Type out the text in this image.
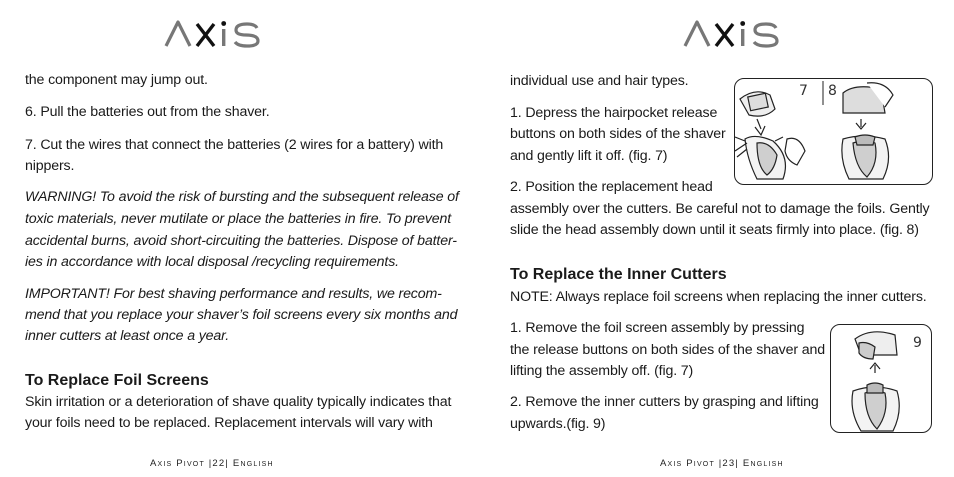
the component may jump out.
6. Pull the batteries out from the shaver.
7. Cut the wires that connect the batteries (2 wires for a battery) with
nippers.
WARNING! To avoid the risk of bursting and the subsequent release of
toxic materials, never mutilate or place the batteries in fire. To prevent
accidental burns, avoid short-circuiting the batteries. Dispose of batter-
ies in accordance with local disposal /recycling requirements.
IMPORTANT! For best shaving performance and results, we recom-
mend that you replace your shaver’s foil screens every six months and
inner cutters at least once a year.
To Replace Foil Screens
Skin irritation or a deterioration of shave quality typically indicates that
your foils need to be replaced. Replacement intervals will vary with
Axis Pivot |22| English
individual use and hair types.
1. Depress the hairpocket release
buttons on both sides of the shaver
and gently lift it off. (fig. 7)
2. Position the replacement head
assembly over the cutters. Be careful not to damage the foils. Gently
slide the head assembly down until it seats firmly into place. (fig. 8)
To Replace the Inner Cutters
NOTE: Always replace foil screens when replacing the inner cutters.
1. Remove the foil screen assembly by pressing
the release buttons on both sides of the shaver and
lifting the assembly off. (fig. 7)
2. Remove the inner cutters by grasping and lifting
upwards.(fig. 9)
7 8
9
Axis Pivot |23| English
